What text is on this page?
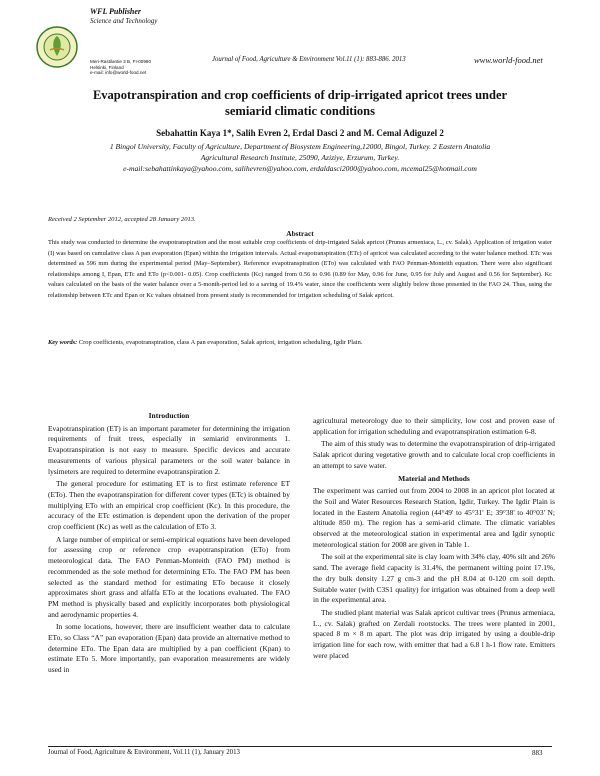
WFL Publisher
Science and Technology
Meri-Rastilantie 3 B, FI-00980
Helsinki, Finland
e-mail: info@world-food.net
Journal of Food, Agriculture & Environment Vol.11 (1): 883-886. 2013	www.world-food.net
Evapotranspiration and crop coefficients of drip-irrigated apricot trees under
semiarid climatic conditions
Sebahattin Kaya 1*, Salih Evren 2, Erdal Dasci 2 and M. Cemal Adiguzel 2
1 Bingol University, Faculty of Agriculture, Department of Biosystem Engineering,12000, Bingol, Turkey. 2 Eastern Anatolia
Agricultural Research Institute, 25090, Aziziye, Erzurum, Turkey.
e-mail:sebahattinkaya@yahoo.com, salihevren@yahoo.com, erdaldasci2000@yahoo.com, mcemal25@hotmail.com
Received 2 September 2012, accepted 28 January 2013.
Abstract
This study was conducted to determine the evapotranspiration and the most suitable crop coefficients of drip-irrigated Salak apricot (Prunus armeniaca, L., cv. Salak). Application of irrigation water (I) was based on cumulative class A pan evaporation (Epan) within the irrigation intervals. Actual evapotranspiration (ETc) of apricot was calculated according to the water balance method. ETc was determined as 596 mm during the experimental period (May–September). Reference evapotranspiration (ETo) was calculated with FAO Penman-Monteith equation. There were also significant relationships among I, Epan, ETc and ETo (p<0.001- 0.05). Crop coefficients (Kc) ranged from 0.56 to 0.96 (0.89 for May, 0.96 for June, 0.95 for July and August and 0.56 for September). Kc values calculated on the basis of the water balance over a 5-month-period led to a saving of 19.4% water, since the coefficients were slightly below those presented in the FAO 24. Thus, using the relationship between ETc and Epan or Kc values obtained from present study is recommended for irrigation scheduling of Salak apricot.
Key words: Crop coefficients, evapotranspiration, class A pan evaporation, Salak apricot, irrigation scheduling, Igdir Plain.
Introduction

Evapotranspiration (ET) is an important parameter for determining the irrigation requirements of fruit trees, especially in semiarid environments 1. Evapotranspiration is not easy to measure. Specific devices and accurate measurements of various physical parameters or the soil water balance in lysimeters are required to determine evapotranspiration 2.

The general procedure for estimating ET is to first estimate reference ET (ETo). Then the evapotranspiration for different cover types (ETc) is obtained by multiplying ETo with an empirical crop coefficient (Kc). In this procedure, the accuracy of the ETc estimation is dependent upon the derivation of the proper crop coefficient (Kc) as well as the calculation of ETo 3.

A large number of empirical or semi-empirical equations have been developed for assessing crop or reference crop evapotranspiration (ETo) from meteorological data. The FAO Penman-Monteith (FAO PM) method is recommended as the sole method for determining ETo. The FAO PM has been selected as the standard method for estimating ETo because it closely approximates short grass and alfalfa ETo at the locations evaluated. The FAO PM method is physically based and explicitly incorporates both physiological and aerodynamic properties 4.

In some locations, however, there are insufficient weather data to calculate ETo, so Class “A” pan evaporation (Epan) data provide an alternative method to determine ETo. The Epan data are multiplied by a pan coefficient (Kpan) to estimate ETo 5. More importantly, pan evaporation measurements are widely used in

agricultural meteorology due to their simplicity, low cost and proven ease of application for irrigation scheduling and evapotranspiration estimation 6-8.

The aim of this study was to determine the evapotranspiration of drip-irrigated Salak apricot during vegetative growth and to calculate local crop coefficients in an attempt to save water.

Material and Methods

The experiment was carried out from 2004 to 2008 in an apricot plot located at the Soil and Water Resources Research Station, Igdir, Turkey. The Igdir Plain is located in the Eastern Anatolia region (44°49' to 45°31' E; 39°38' to 40°03' N; altitude 850 m). The region has a semi-arid climate. The climatic variables observed at the meteorological station in experimental area and Igdir synoptic meteorological station for 2008 are given in Table 1.

The soil at the experimental site is clay loam with 34% clay, 40% silt and 26% sand. The average field capacity is 31.4%, the permanent wilting point 17.1%, the dry bulk density 1.27 g cm-3 and the pH 8.04 at 0-120 cm soil depth. Suitable water (with C3S1 quality) for irrigation was obtained from a deep well in the experimental area.

The studied plant material was Salak apricot cultivar trees (Prunus armeniaca, L., cv. Salak) grafted on Zerdali rootstocks. The trees were planted in 2001, spaced 8 m × 8 m apart. The plot was drip irrigated by using a double-drip irrigation line for each row, with emitter that had a 6.8 l h-1 flow rate. Emitters were placed

Journal of Food, Agriculture & Environment, Vol.11 (1), January 2013	883
